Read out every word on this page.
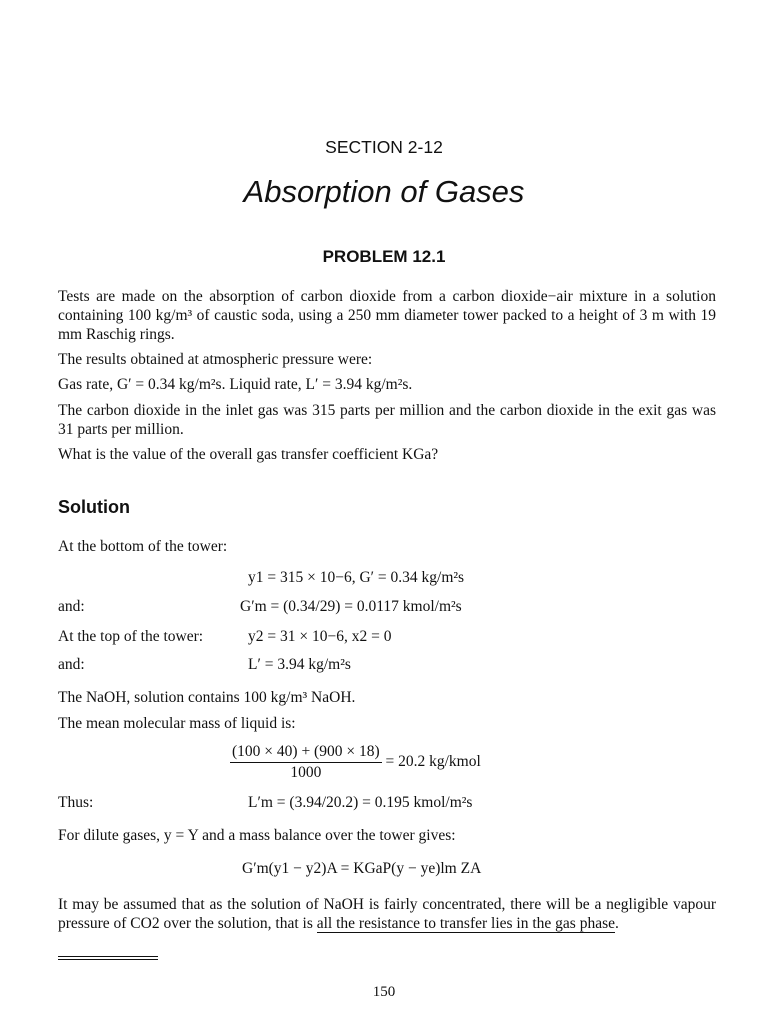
SECTION 2-12
Absorption of Gases
PROBLEM 12.1
Tests are made on the absorption of carbon dioxide from a carbon dioxide−air mixture in a solution containing 100 kg/m³ of caustic soda, using a 250 mm diameter tower packed to a height of 3 m with 19 mm Raschig rings.
The results obtained at atmospheric pressure were:
Gas rate, G′ = 0.34 kg/m²s. Liquid rate, L′ = 3.94 kg/m²s.
The carbon dioxide in the inlet gas was 315 parts per million and the carbon dioxide in the exit gas was 31 parts per million.
What is the value of the overall gas transfer coefficient KGa?
Solution
At the bottom of the tower:
y1 = 315 × 10−6, G′ = 0.34 kg/m²s
and:	G′m = (0.34/29) = 0.0117 kmol/m²s
At the top of the tower:	y2 = 31 × 10−6, x2 = 0
and:	L′ = 3.94 kg/m²s
The NaOH, solution contains 100 kg/m³ NaOH.
The mean molecular mass of liquid is:
$\frac{(100 \times 40) + (900 \times 18)}{1000} = 20.2$ kg/kmol
Thus:	L′m = (3.94/20.2) = 0.195 kmol/m²s
For dilute gases, y = Y and a mass balance over the tower gives:
G′m(y1 − y2)A = KGaP(y − ye)lm ZA
It may be assumed that as the solution of NaOH is fairly concentrated, there will be a negligible vapour pressure of CO2 over the solution, that is all the resistance to transfer lies in the gas phase.
150
